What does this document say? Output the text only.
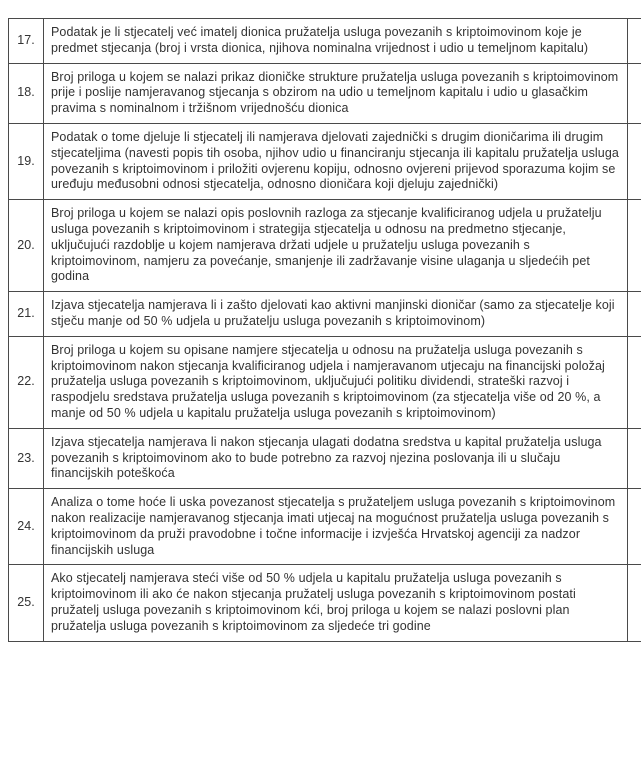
17.	Podatak je li stjecatelj već imatelj dionica pružatelja usluga povezanih s kriptoimovinom koje je predmet stjecanja (broj i vrsta dionica, njihova nominalna vrijednost i udio u temeljnom kapitalu)	
18.	Broj priloga u kojem se nalazi prikaz dioničke strukture pružatelja usluga povezanih s kriptoimovinom prije i poslije namjeravanog stjecanja s obzirom na udio u temeljnom kapitalu i udio u glasačkim pravima s nominalnom i tržišnom vrijednošću dionica	
19.	Podatak o tome djeluje li stjecatelj ili namjerava djelovati zajednički s drugim dioničarima ili drugim stjecateljima (navesti popis tih osoba, njihov udio u financiranju stjecanja ili kapitalu pružatelja usluga povezanih s kriptoimovinom i priložiti ovjerenu kopiju, odnosno ovjereni prijevod sporazuma kojim se uređuju međusobni odnosi stjecatelja, odnosno dioničara koji djeluju zajednički)	
20.	Broj priloga u kojem se nalazi opis poslovnih razloga za stjecanje kvalificiranog udjela u pružatelju usluga povezanih s kriptoimovinom i strategija stjecatelja u odnosu na predmetno stjecanje, uključujući razdoblje u kojem namjerava držati udjele u pružatelju usluga povezanih s kriptoimovinom, namjeru za povećanje, smanjenje ili zadržavanje visine ulaganja u sljedećih pet godina	
21.	Izjava stjecatelja namjerava li i zašto djelovati kao aktivni manjinski dioničar (samo za stjecatelje koji stječu manje od 50 % udjela u pružatelju usluga povezanih s kriptoimovinom)	
22.	Broj priloga u kojem su opisane namjere stjecatelja u odnosu na pružatelja usluga povezanih s kriptoimovinom nakon stjecanja kvalificiranog udjela i namjeravanom utjecaju na financijski položaj pružatelja usluga povezanih s kriptoimovinom, uključujući politiku dividendi, strateški razvoj i raspodjelu sredstava pružatelja usluga povezanih s kriptoimovinom (za stjecatelja više od 20 %, a manje od 50 % udjela u kapitalu pružatelja usluga povezanih s kriptoimovinom)	
23.	Izjava stjecatelja namjerava li nakon stjecanja ulagati dodatna sredstva u kapital pružatelja usluga povezanih s kriptoimovinom ako to bude potrebno za razvoj njezina poslovanja ili u slučaju financijskih poteškoća	
24.	Analiza o tome hoće li uska povezanost stjecatelja s pružateljem usluga povezanih s kriptoimovinom nakon realizacije namjeravanog stjecanja imati utjecaj na mogućnost pružatelja usluga povezanih s kriptoimovinom da pruži pravodobne i točne informacije i izvješća Hrvatskoj agenciji za nadzor financijskih usluga	
25.	Ako stjecatelj namjerava steći više od 50 % udjela u kapitalu pružatelja usluga povezanih s kriptoimovinom ili ako će nakon stjecanja pružatelj usluga povezanih s kriptoimovinom postati pružatelj usluga povezanih s kriptoimovinom kći, broj priloga u kojem se nalazi poslovni plan pružatelja usluga povezanih s kriptoimovinom za sljedeće tri godine	
